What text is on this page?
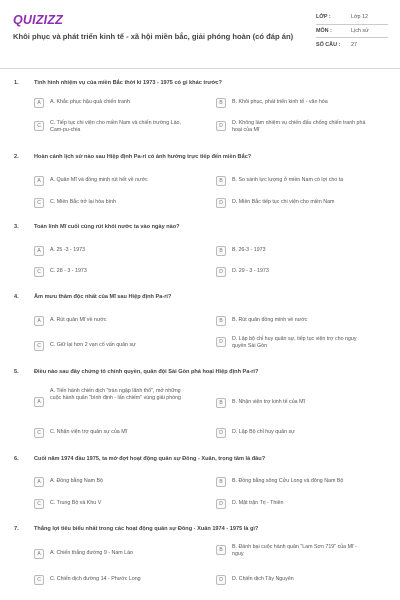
QUIZIZZ
Khôi phục và phát triển kinh tế - xã hội miền bắc, giải phóng hoàn (có đáp án)
LỚP :	Lớp 12
MÔN :	Lịch sử
SỐ CÂU :	27
1.	Tình hình nhiệm vụ của miền Bắc thời kì 1973 - 1975 có gì khác trước?
A	A. Khắc phục hậu quả chiến tranh	B	B. Khôi phục, phát triển kinh tế - văn hóa
C	C. Tiếp tục chi viện cho miền Nam và chiến trường Lào, Cam-pu-chia
D	D. Không làm nhiệm vụ chiến đấu chống chiến tranh phá hoại của Mĩ
2.	Hoàn cảnh lịch sử nào sau Hiệp định Pa-ri có ảnh hưởng trực tiếp đến miền Bắc?
A	A. Quân Mĩ và đồng minh rút hết về nước	B	B. So sánh lực lượng ở miền Nam có lợi cho ta
C	C. Miền Bắc trở lại hòa bình	D	D. Miền Bắc tiếp tục chi viện cho miền Nam
3.	Toán lính Mĩ cuối cùng rút khỏi nước ta vào ngày nào?
A	A. 25 -3 - 1973	B	B. 26-3 - 1973
C	C. 28 - 3 - 1973	D	D. 29 - 3 - 1973
4.	Âm mưu thâm độc nhất của Mĩ sau Hiệp định Pa-ri?
A	A. Rút quân Mĩ về nước	B	B. Rút quân đồng minh về nước
C	C. Giữ lại hơn 2 vạn cố vấn quân sự	D	D. Lập bộ chỉ huy quân sự, tiếp tục viện trợ cho nguỵ quyền Sài Gòn
5.	Điều nào sau đây chứng tỏ chính quyền, quân đội Sài Gòn phá hoại Hiệp định Pa-ri?
A
A. Tiến hành chiến dịch "tràn ngập lãnh thổ", mở những cuộc hành quân "bình định - lấn chiếm" vùng giải phóng
B	B. Nhận viện trợ kinh tế của Mĩ
C	C. Nhận viện trợ quân sự của Mĩ	D	D. Lập Bộ chỉ huy quân sự
6.	Cuối năm 1974 đầu 1975, ta mở đợt hoạt động quân sự Đông - Xuân, trọng tâm là đâu?
A	A. Đồng bằng Nam Bộ	B	B. Đồng bằng sông Cửu Long và đông Nam Bộ
C	C. Trung Bộ và Khu V	D	D. Mặt trận Trị - Thiên
7.	Thắng lợi tiêu biểu nhất trong các hoạt động quân sự Đông - Xuân 1974 - 1975 là gì?
A	A. Chiến thắng đường 9 - Nam Lào	B	B. Đánh bại cuộc hành quân "Lam Sơn 719" của Mĩ - nguỵ
C	C. Chiến dịch đường 14 - Phước Long	D	D. Chiến dịch Tây Nguyên
